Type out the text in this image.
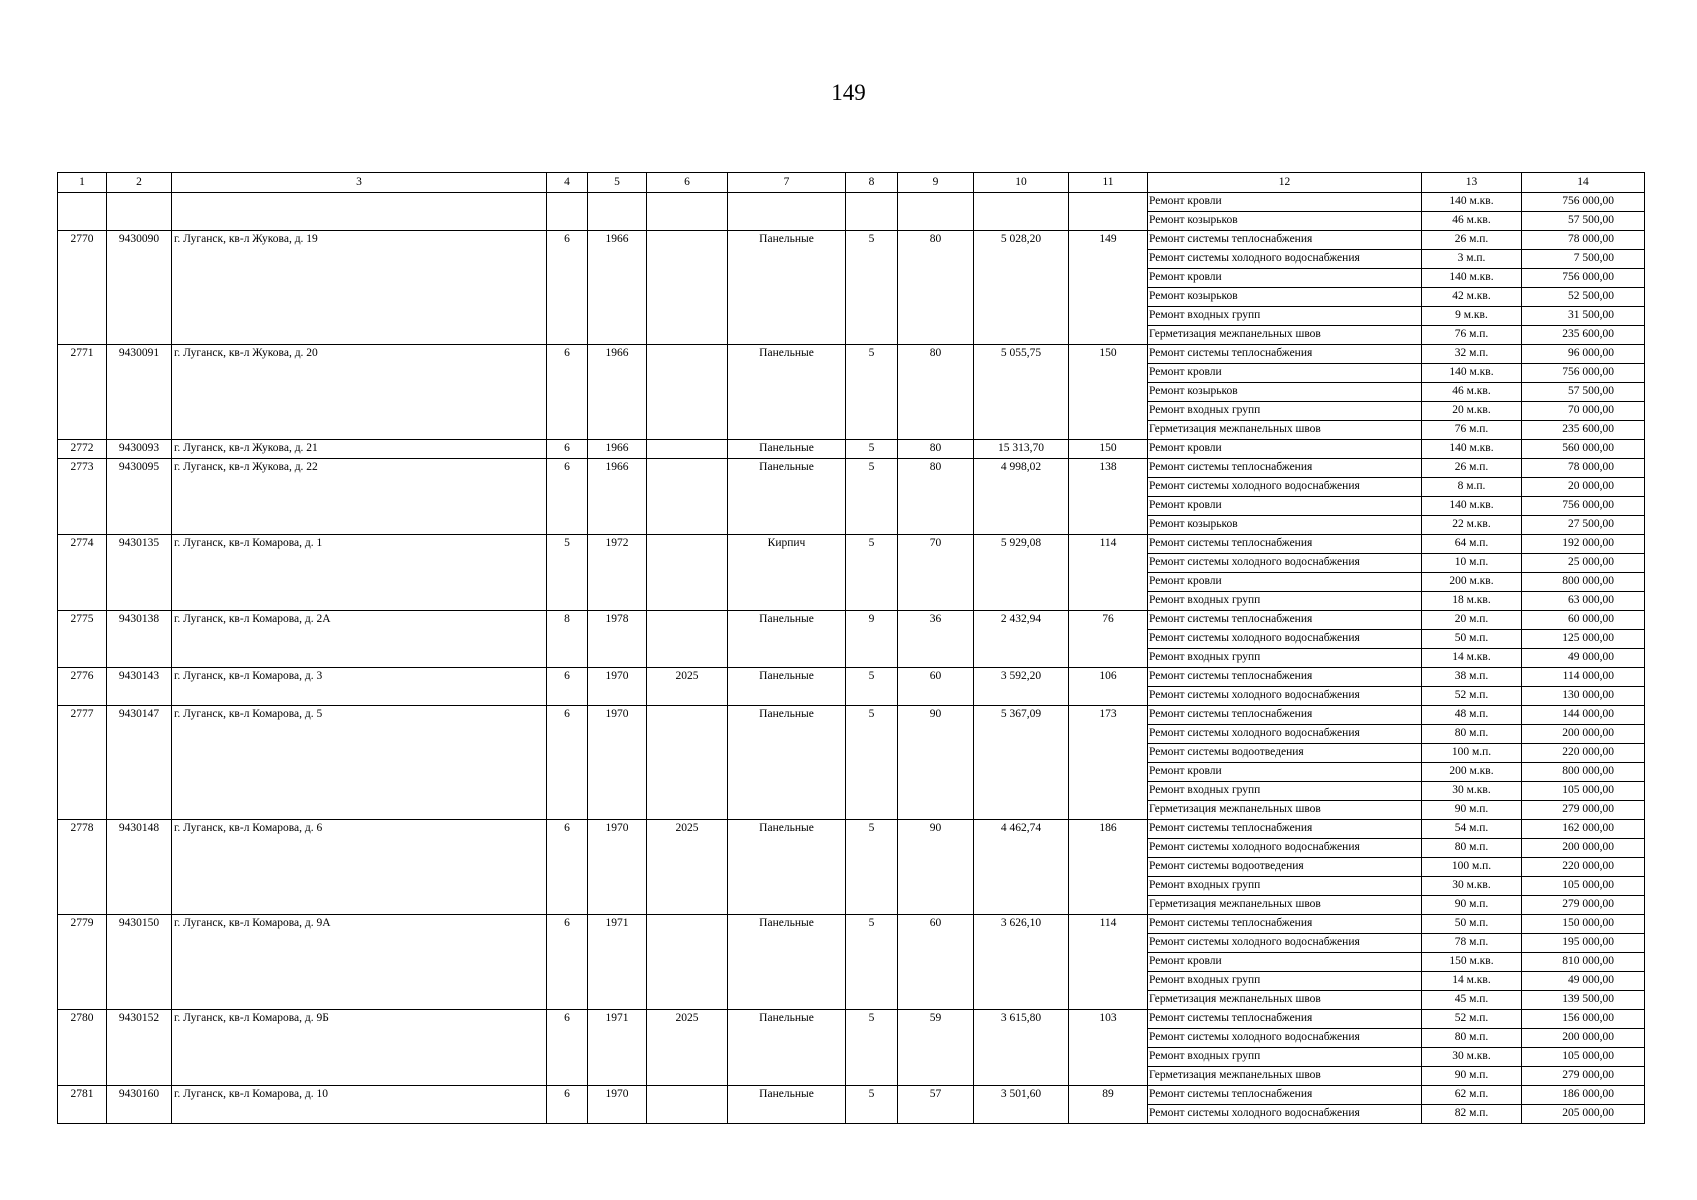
149
1	2	3	4	5	6	7	8	9	10	11	12	13	14
											Ремонт кровли	140 м.кв.	756 000,00
											Ремонт козырьков	46 м.кв.	57 500,00
2770	9430090	г. Луганск, кв-л Жукова, д. 19	6	1966		Панельные	5	80	5 028,20	149	Ремонт системы теплоснабжения	26 м.п.	78 000,00
											Ремонт системы холодного водоснабжения	3 м.п.	7 500,00
											Ремонт кровли	140 м.кв.	756 000,00
											Ремонт козырьков	42 м.кв.	52 500,00
											Ремонт входных групп	9 м.кв.	31 500,00
											Герметизация межпанельных швов	76 м.п.	235 600,00
2771	9430091	г. Луганск, кв-л Жукова, д. 20	6	1966		Панельные	5	80	5 055,75	150	Ремонт системы теплоснабжения	32 м.п.	96 000,00
											Ремонт кровли	140 м.кв.	756 000,00
											Ремонт козырьков	46 м.кв.	57 500,00
											Ремонт входных групп	20 м.кв.	70 000,00
											Герметизация межпанельных швов	76 м.п.	235 600,00
2772	9430093	г. Луганск, кв-л Жукова, д. 21	6	1966		Панельные	5	80	15 313,70	150	Ремонт кровли	140 м.кв.	560 000,00
2773	9430095	г. Луганск, кв-л Жукова, д. 22	6	1966		Панельные	5	80	4 998,02	138	Ремонт системы теплоснабжения	26 м.п.	78 000,00
											Ремонт системы холодного водоснабжения	8 м.п.	20 000,00
											Ремонт кровли	140 м.кв.	756 000,00
											Ремонт козырьков	22 м.кв.	27 500,00
2774	9430135	г. Луганск, кв-л Комарова, д. 1	5	1972		Кирпич	5	70	5 929,08	114	Ремонт системы теплоснабжения	64 м.п.	192 000,00
											Ремонт системы холодного водоснабжения	10 м.п.	25 000,00
											Ремонт кровли	200 м.кв.	800 000,00
											Ремонт входных групп	18 м.кв.	63 000,00
2775	9430138	г. Луганск, кв-л Комарова, д. 2А	8	1978		Панельные	9	36	2 432,94	76	Ремонт системы теплоснабжения	20 м.п.	60 000,00
											Ремонт системы холодного водоснабжения	50 м.п.	125 000,00
											Ремонт входных групп	14 м.кв.	49 000,00
2776	9430143	г. Луганск, кв-л Комарова, д. 3	6	1970	2025	Панельные	5	60	3 592,20	106	Ремонт системы теплоснабжения	38 м.п.	114 000,00
											Ремонт системы холодного водоснабжения	52 м.п.	130 000,00
2777	9430147	г. Луганск, кв-л Комарова, д. 5	6	1970		Панельные	5	90	5 367,09	173	Ремонт системы теплоснабжения	48 м.п.	144 000,00
											Ремонт системы холодного водоснабжения	80 м.п.	200 000,00
											Ремонт системы водоотведения	100 м.п.	220 000,00
											Ремонт кровли	200 м.кв.	800 000,00
											Ремонт входных групп	30 м.кв.	105 000,00
											Герметизация межпанельных швов	90 м.п.	279 000,00
2778	9430148	г. Луганск, кв-л Комарова, д. 6	6	1970	2025	Панельные	5	90	4 462,74	186	Ремонт системы теплоснабжения	54 м.п.	162 000,00
											Ремонт системы холодного водоснабжения	80 м.п.	200 000,00
											Ремонт системы водоотведения	100 м.п.	220 000,00
											Ремонт входных групп	30 м.кв.	105 000,00
											Герметизация межпанельных швов	90 м.п.	279 000,00
2779	9430150	г. Луганск, кв-л Комарова, д. 9А	6	1971		Панельные	5	60	3 626,10	114	Ремонт системы теплоснабжения	50 м.п.	150 000,00
											Ремонт системы холодного водоснабжения	78 м.п.	195 000,00
											Ремонт кровли	150 м.кв.	810 000,00
											Ремонт входных групп	14 м.кв.	49 000,00
											Герметизация межпанельных швов	45 м.п.	139 500,00
2780	9430152	г. Луганск, кв-л Комарова, д. 9Б	6	1971	2025	Панельные	5	59	3 615,80	103	Ремонт системы теплоснабжения	52 м.п.	156 000,00
											Ремонт системы холодного водоснабжения	80 м.п.	200 000,00
											Ремонт входных групп	30 м.кв.	105 000,00
											Герметизация межпанельных швов	90 м.п.	279 000,00
2781	9430160	г. Луганск, кв-л Комарова, д. 10	6	1970		Панельные	5	57	3 501,60	89	Ремонт системы теплоснабжения	62 м.п.	186 000,00
											Ремонт системы холодного водоснабжения	82 м.п.	205 000,00
